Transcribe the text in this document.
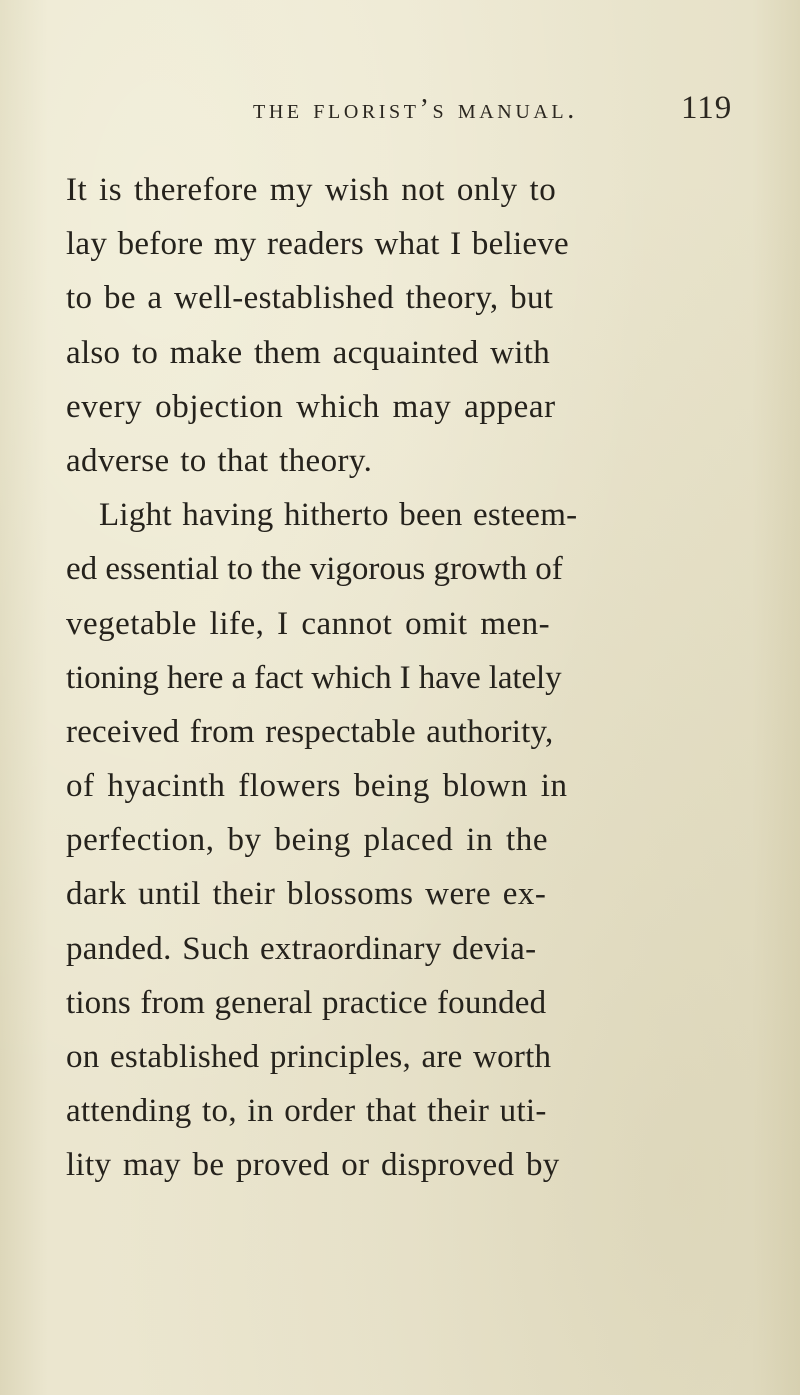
the florist’s manual.	119
It is therefore my wish not only to
lay before my readers what I believe
to be a well-established theory, but
also to make them acquainted with
every objection which may appear
adverse to that theory.
Light having hitherto been esteem-
ed essential to the vigorous growth of
vegetable life, I cannot omit men-
tioning here a fact which I have lately
received from respectable authority,
of hyacinth flowers being blown in
perfection, by being placed in the
dark until their blossoms were ex-
panded. Such extraordinary devia-
tions from general practice founded
on established principles, are worth
attending to, in order that their uti-
lity may be proved or disproved by
